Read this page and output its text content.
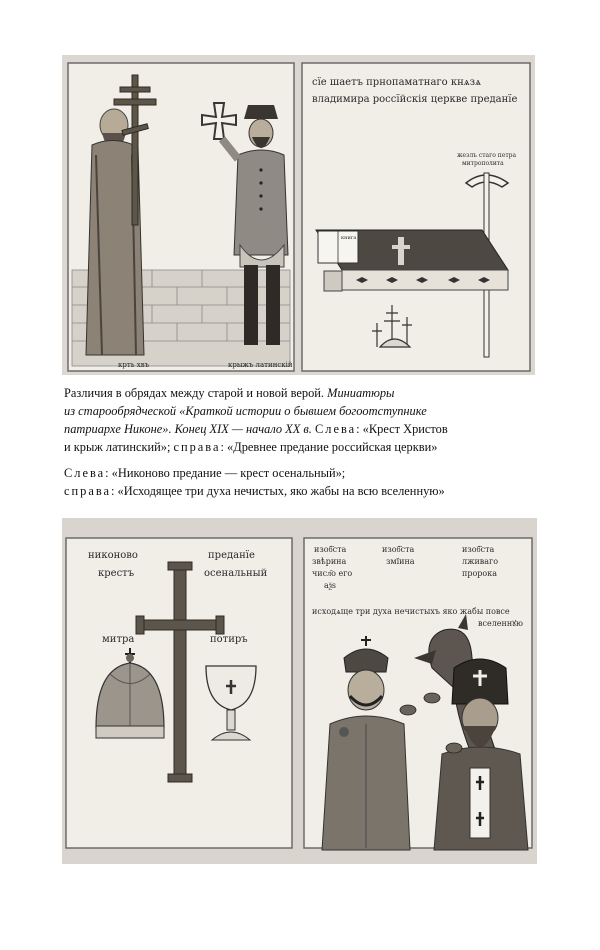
крть хвъ	крыжъ латинскій
сїе шаетъ прнопаматнаго кнѧзѧ
владимира россїйскія церкве преданїе
жезлъ стаго петра
митрополита
книга
Различия в обрядах между старой и новой верой. Миниатюры
из старообрядческой «Краткой истории о бывшем богоотступнике
патриархе Никоне». Конец XIX — начало XX в. Слева: «Крест Христов
и крыж латинский»; справа: «Древнее предание российская церкви»
Слева: «Никоново предание — крест осенальный»;
справа: «Исходящее три духа нечистых, яко жабы на всю вселенную»
никоново
крестъ
преданїе
осенальный
митра	потиръ
изоб҃ста
звѣрина
числ҃о его
аѯѕ
изоб҃ста
змїина
изоб҃ста
лживаго
пророка
исходѧще три духа нечистыхъ яко жабы повсе
вселеннꙋю
